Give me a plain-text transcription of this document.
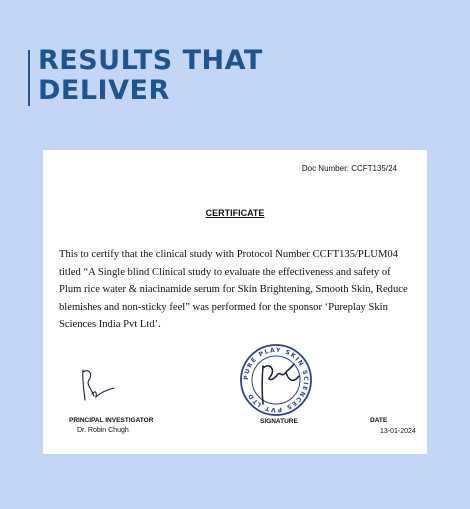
RESULTS THAT
DELIVER
Doc Number: CCFT135/24
CERTIFICATE

This to certify that the clinical study with Protocol Number CCFT135/PLUM04 titled “A Single blind Clinical study to evaluate the effectiveness and safety of Plum rice water & niacinamide serum for Skin Brightening, Smooth Skin, Reduce blemishes and non-sticky feel” was performed for the sponsor ‘Pureplay Skin Sciences India Pvt Ltd’.

PURE PLAY SKIN SCIENCES PVT LTD
PRINCIPAL INVESTIGATOR
Dr. Robin Chugh
SIGNATURE	DATE
13-01-2024
